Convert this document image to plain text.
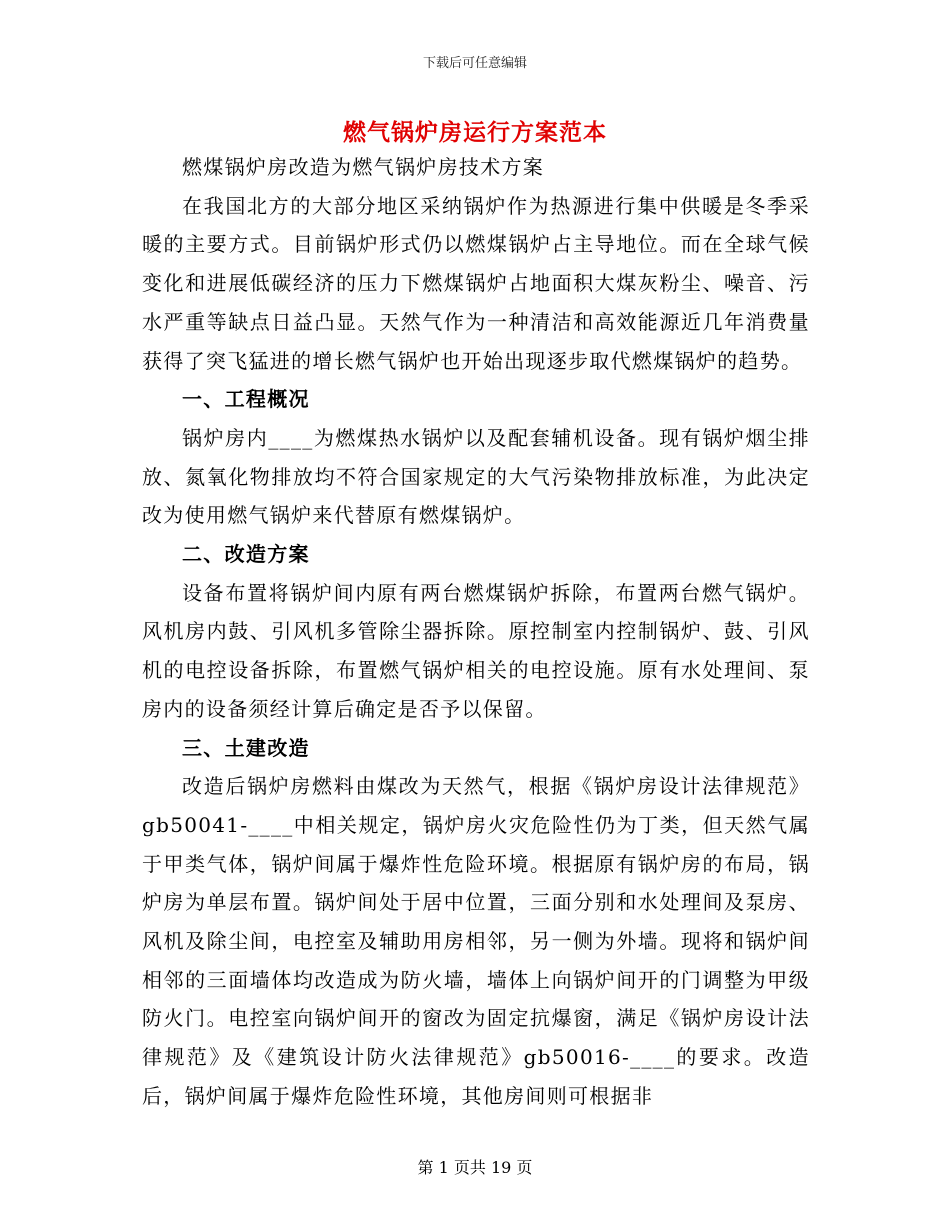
下载后可任意编辑
燃气锅炉房运行方案范本

燃煤锅炉房改造为燃气锅炉房技术方案

在我国北方的大部分地区采纳锅炉作为热源进行集中供暖是冬季采暖的主要方式。目前锅炉形式仍以燃煤锅炉占主导地位。而在全球气候变化和进展低碳经济的压力下燃煤锅炉占地面积大煤灰粉尘、噪音、污水严重等缺点日益凸显。天然气作为一种清洁和高效能源近几年消费量获得了突飞猛进的增长燃气锅炉也开始出现逐步取代燃煤锅炉的趋势。

一、工程概况

锅炉房内____为燃煤热水锅炉以及配套辅机设备。现有锅炉烟尘排放、氮氧化物排放均不符合国家规定的大气污染物排放标准，为此决定改为使用燃气锅炉来代替原有燃煤锅炉。

二、改造方案

设备布置将锅炉间内原有两台燃煤锅炉拆除，布置两台燃气锅炉。风机房内鼓、引风机多管除尘器拆除。原控制室内控制锅炉、鼓、引风机的电控设备拆除，布置燃气锅炉相关的电控设施。原有水处理间、泵房内的设备须经计算后确定是否予以保留。

三、土建改造

改造后锅炉房燃料由煤改为天然气，根据《锅炉房设计法律规范》gb50041-____中相关规定，锅炉房火灾危险性仍为丁类，但天然气属于甲类气体，锅炉间属于爆炸性危险环境。根据原有锅炉房的布局，锅炉房为单层布置。锅炉间处于居中位置，三面分别和水处理间及泵房、风机及除尘间，电控室及辅助用房相邻，另一侧为外墙。现将和锅炉间相邻的三面墙体均改造成为防火墙，墙体上向锅炉间开的门调整为甲级防火门。电控室向锅炉间开的窗改为固定抗爆窗，满足《锅炉房设计法律规范》及《建筑设计防火法律规范》gb50016-____的要求。改造后，锅炉间属于爆炸危险性环境，其他房间则可根据非

第 1 页共 19 页
